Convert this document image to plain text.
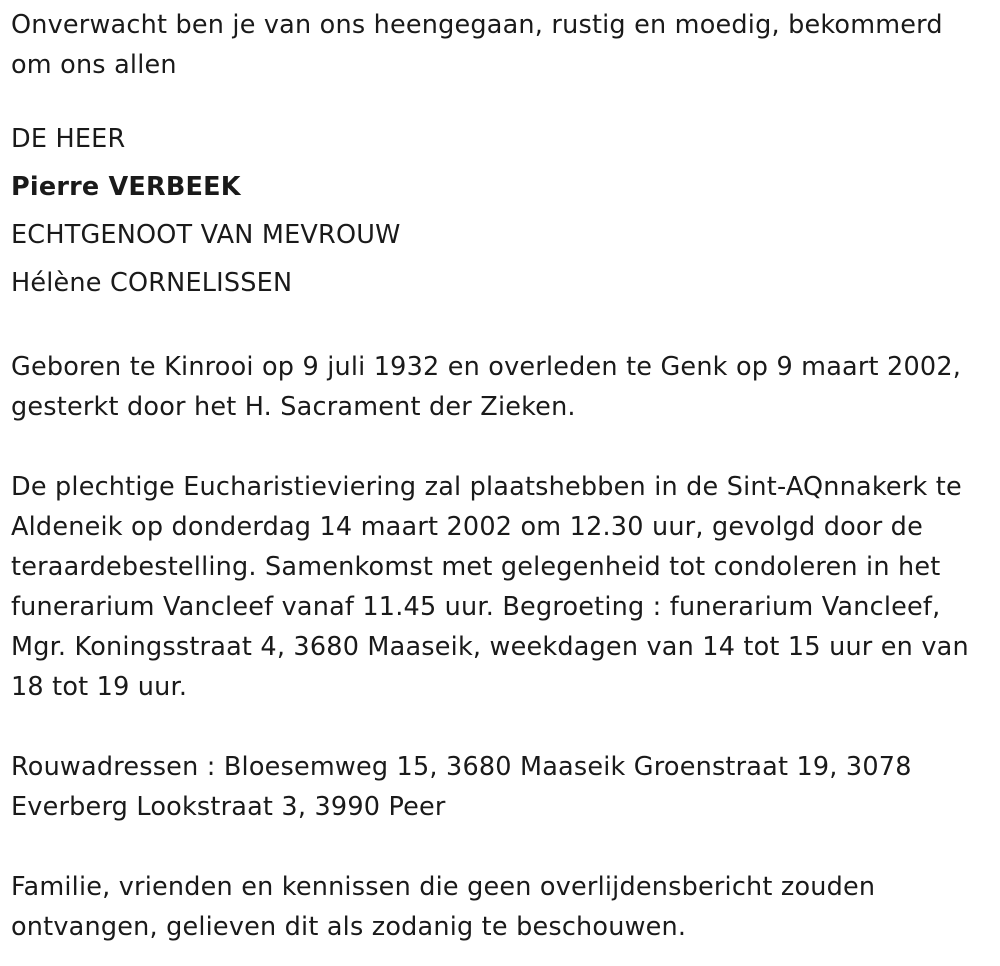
Onverwacht ben je van ons heengegaan, rustig en moedig, bekommerd
om ons allen

DE HEER

Pierre VERBEEK

ECHTGENOOT VAN MEVROUW

Hélène CORNELISSEN

Geboren te Kinrooi op 9 juli 1932 en overleden te Genk op 9 maart 2002,
gesterkt door het H. Sacrament der Zieken.

De plechtige Eucharistieviering zal plaatshebben in de Sint-AQnnakerk te
Aldeneik op donderdag 14 maart 2002 om 12.30 uur, gevolgd door de
teraardebestelling. Samenkomst met gelegenheid tot condoleren in het
funerarium Vancleef vanaf 11.45 uur. Begroeting : funerarium Vancleef,
Mgr. Koningsstraat 4, 3680 Maaseik, weekdagen van 14 tot 15 uur en van
18 tot 19 uur.

Rouwadressen : Bloesemweg 15, 3680 Maaseik Groenstraat 19, 3078
Everberg Lookstraat 3, 3990 Peer

Familie, vrienden en kennissen die geen overlijdensbericht zouden
ontvangen, gelieven dit als zodanig te beschouwen.
